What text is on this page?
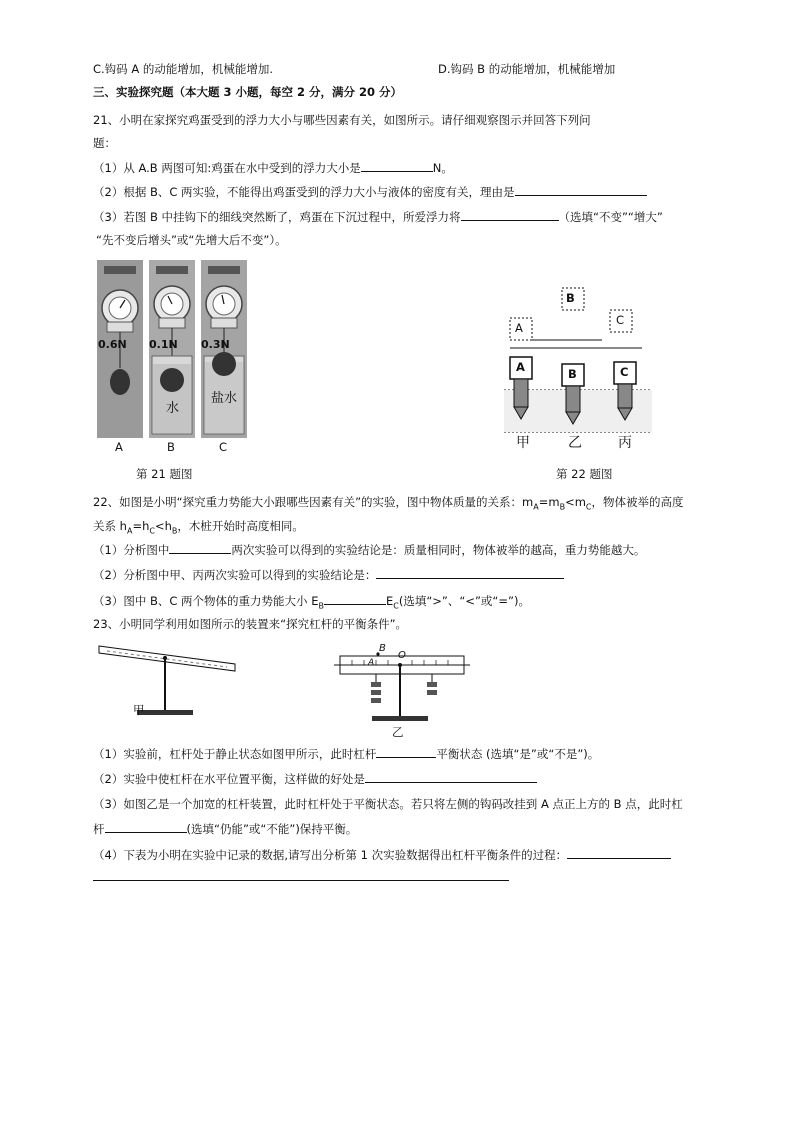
C.钩码 A 的动能增加，机械能增加.	D.钩码 B 的动能增加，机械能增加
三、实验探究题（本大题 3 小题，每空 2 分，满分 20 分）
21、小明在家探究鸡蛋受到的浮力大小与哪些因素有关，如图所示。请仔细观察图示并回答下列问
题：
（1）从 A.B 两图可知:鸡蛋在水中受到的浮力大小是	N。
（2）根据 B、C 两实验，不能得出鸡蛋受到的浮力大小与液体的密度有关，理由是
（3）若图 B 中挂钩下的细线突然断了，鸡蛋在下沉过程中，所爱浮力将	（选填“不变”“增大”
“先不变后增头”或“先增大后不变”）。
0.6N 0.1N 0.3N
水
盐水
A	B	C
第 21 题图
B
A
C
A	B	C
甲	乙	丙
第 22 题图
22、如图是小明“探究重力势能大小跟哪些因素有关”的实验，图中物体质量的关系：$m_A=m_B<m_C$，物体被举的高度
关系 $h_A=h_C<h_B$，木桩开始时高度相同。
（1）分析图中	两次实验可以得到的实验结论是：质量相同时，物体被举的越高，重力势能越大。
（2）分析图中甲、丙两次实验可以得到的实验结论是：
（3）图中 B、C 两个物体的重力势能大小 $E_B$	$E_C$(选填“>”、“<”或“=”)。
23、小明同学利用如图所示的装置来“探究杠杆的平衡条件”。
甲
A
B
O
乙
（1）实验前，杠杆处于静止状态如图甲所示，此时杠杆	平衡状态 (选填“是”或“不是”)。
（2）实验中使杠杆在水平位置平衡，这样做的好处是
（3）如图乙是一个加宽的杠杆装置，此时杠杆处于平衡状态。若只将左侧的钩码改挂到 A 点正上方的 B 点，此时杠
杆	(选填“仍能”或“不能”)保持平衡。
（4）下表为小明在实验中记录的数据,请写出分析第 1 次实验数据得出杠杆平衡条件的过程：
